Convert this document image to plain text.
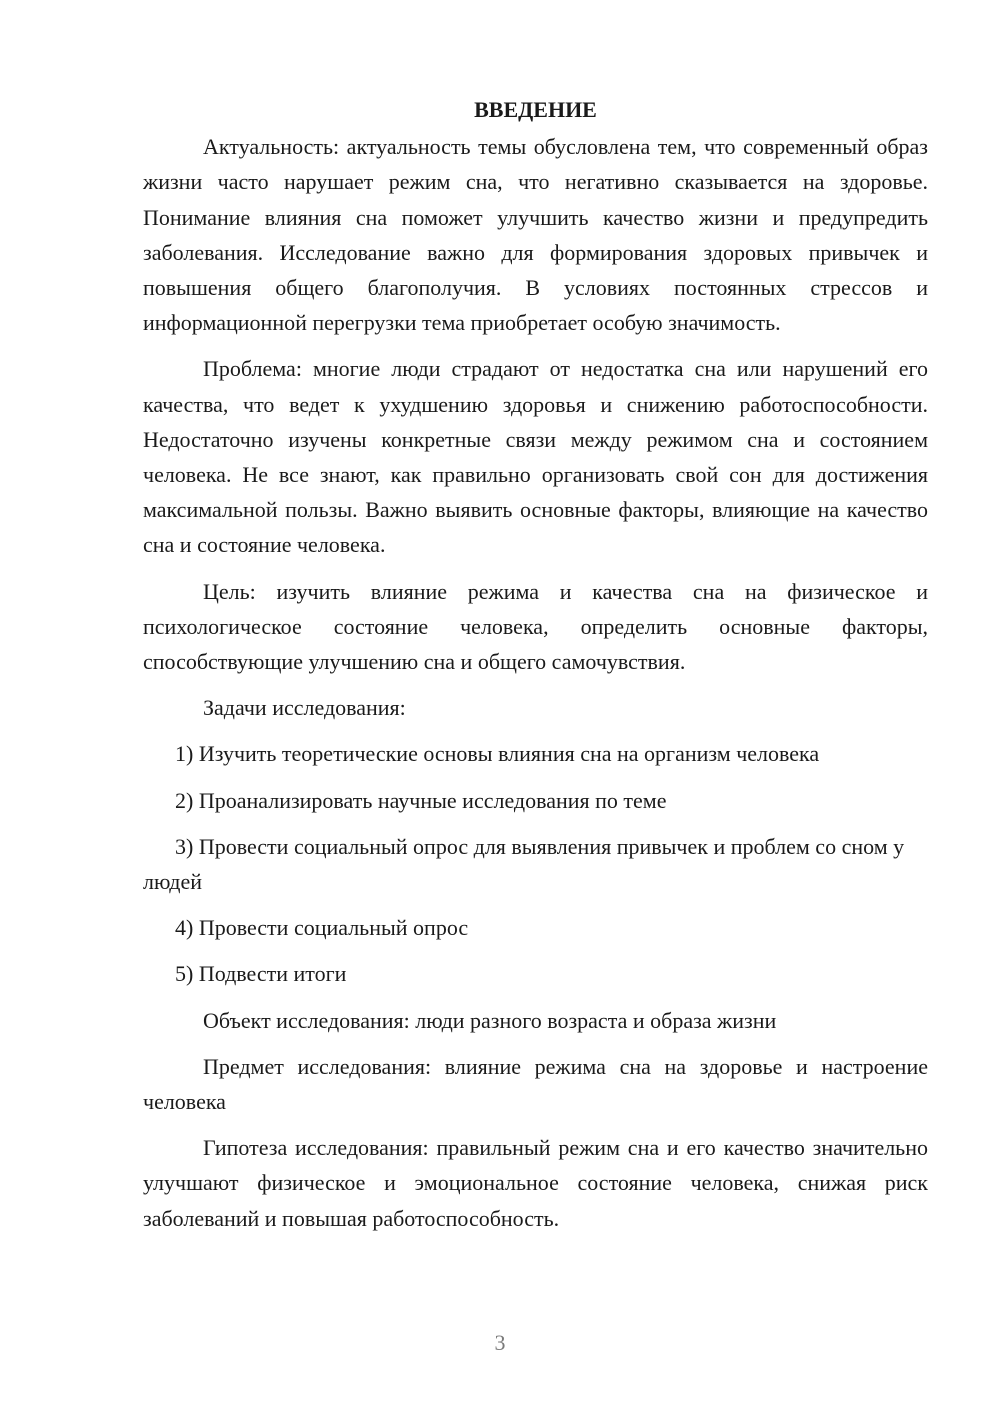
ВВЕДЕНИЕ

Актуальность: актуальность темы обусловлена тем, что современный образ жизни часто нарушает режим сна, что негативно сказывается на здоровье. Понимание влияния сна поможет улучшить качество жизни и предупредить заболевания. Исследование важно для формирования здоровых привычек и повышения общего благополучия. В условиях постоянных стрессов и информационной перегрузки тема приобретает особую значимость.

Проблема: многие люди страдают от недостатка сна или нарушений его качества, что ведет к ухудшению здоровья и снижению работоспособности. Недостаточно изучены конкретные связи между режимом сна и состоянием человека. Не все знают, как правильно организовать свой сон для достижения максимальной пользы. Важно выявить основные факторы, влияющие на качество сна и состояние человека.

Цель: изучить влияние режима и качества сна на физическое и психологическое состояние человека, определить основные факторы, способствующие улучшению сна и общего самочувствия.

Задачи исследования:

1) Изучить теоретические основы влияния сна на организм человека

2) Проанализировать научные исследования по теме

3) Провести социальный опрос для выявления привычек и проблем со сном у людей

4) Провести социальный опрос

5) Подвести итоги

Объект исследования: люди разного возраста и образа жизни

Предмет исследования: влияние режима сна на здоровье и настроение человека

Гипотеза исследования: правильный режим сна и его качество значительно улучшают физическое и эмоциональное состояние человека, снижая риск заболеваний и повышая работоспособность.

3
